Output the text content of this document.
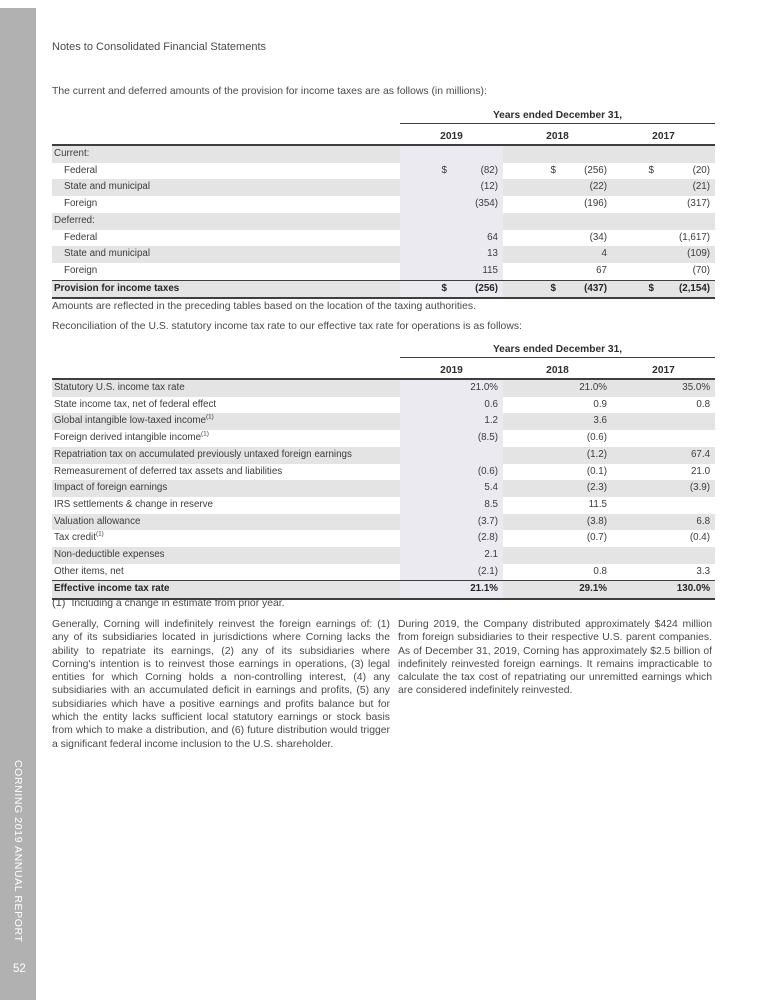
CORNING 2019 ANNUAL REPORT
52
Notes to Consolidated Financial Statements
The current and deferred amounts of the provision for income taxes are as follows (in millions):
	Years ended December 31,					
	2019		2018		2017	
Current:						
Federal	$	(82)	$	(256)	$	(20)
State and municipal		(12)		(22)		(21)
Foreign		(354)		(196)		(317)
Deferred:						
Federal		64		(34)		(1,617)
State and municipal		13		4		(109)
Foreign		115		67		(70)
Provision for income taxes	$	(256)	$	(437)	$	(2,154)
Amounts are reflected in the preceding tables based on the location of the taxing authorities.
Reconciliation of the U.S. statutory income tax rate to our effective tax rate for operations is as follows:
	Years ended December 31,					
	2019		2018		2017	
Statutory U.S. income tax rate		21.0%		21.0%		35.0%
State income tax, net of federal effect		0.6		0.9		0.8
Global intangible low-taxed income$^{(1)}$		1.2		3.6		
Foreign derived intangible income$^{(1)}$		(8.5)		(0.6)		
Repatriation tax on accumulated previously untaxed foreign earnings				(1.2)		67.4
Remeasurement of deferred tax assets and liabilities		(0.6)		(0.1)		21.0
Impact of foreign earnings		5.4		(2.3)		(3.9)
IRS settlements & change in reserve		8.5		11.5		
Valuation allowance		(3.7)		(3.8)		6.8
Tax credit$^{(1)}$		(2.8)		(0.7)		(0.4)
Non-deductible expenses		2.1				
Other items, net		(2.1)		0.8		3.3
Effective income tax rate		21.1%		29.1%		130.0%
(1) Including a change in estimate from prior year.

Generally, Corning will indefinitely reinvest the foreign earnings of: (1) any of its subsidiaries located in jurisdictions where Corning lacks the ability to repatriate its earnings, (2) any of its subsidiaries where Corning's intention is to reinvest those earnings in operations, (3) legal entities for which Corning holds a non-controlling interest, (4) any subsidiaries with an accumulated deficit in earnings and profits, (5) any subsidiaries which have a positive earnings and profits balance but for which the entity lacks sufficient local statutory earnings or stock basis from which to make a distribution, and (6) future distribution would trigger a significant federal income inclusion to the U.S. shareholder.

During 2019, the Company distributed approximately $424 million from foreign subsidiaries to their respective U.S. parent companies. As of December 31, 2019, Corning has approximately $2.5 billion of indefinitely reinvested foreign earnings. It remains impracticable to calculate the tax cost of repatriating our unremitted earnings which are considered indefinitely reinvested.
